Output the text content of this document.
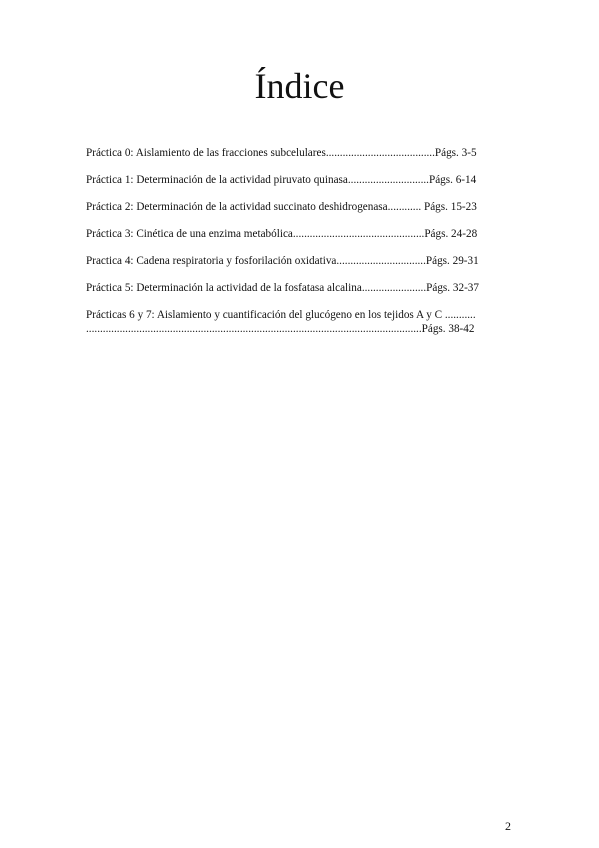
Índice
Práctica 0: Aislamiento de las fracciones subcelulares.......................................Págs. 3-5
Práctica 1: Determinación de la actividad piruvato quinasa.............................Págs. 6-14
Práctica 2: Determinación de la actividad succinato deshidrogenasa............ Págs. 15-23
Práctica 3: Cinética de una enzima metabólica...............................................Págs. 24-28
Practica 4: Cadena respiratoria y fosforilación oxidativa................................Págs. 29-31
Práctica 5: Determinación la actividad de la fosfatasa alcalina.......................Págs. 32-37
Prácticas 6 y 7: Aislamiento y cuantificación del glucógeno en los tejidos A y C ...........
........................................................................................................................Págs. 38-42
2
